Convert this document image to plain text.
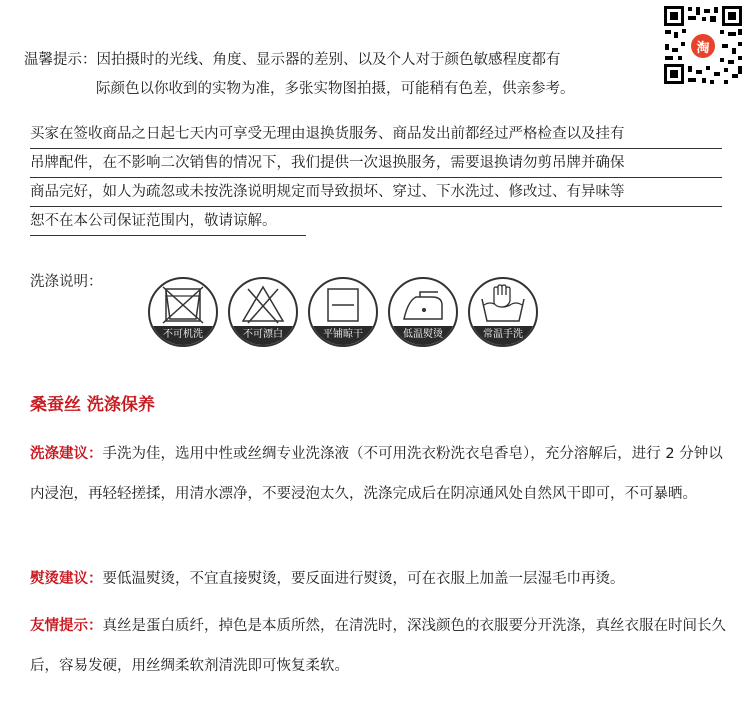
温馨提示：因拍摄时的光线、角度、显示器的差别、以及个人对于颜色敏感程度都有
际颜色以你收到的实物为准，多张实物图拍摄，可能稍有色差，供亲参考。
淘
买家在签收商品之日起七天内可享受无理由退换货服务、商品发出前都经过严格检查以及挂有
吊牌配件，在不影响二次销售的情况下，我们提供一次退换服务，需要退换请勿剪吊牌并确保
商品完好，如人为疏忽或未按洗涤说明规定而导致损坏、穿过、下水洗过、修改过、有异味等
恕不在本公司保证范围内，敬请谅解。
洗涤说明：
不可机洗	不可漂白	平铺晾干	低温熨烫	常温手洗
桑蚕丝 洗涤保养
洗涤建议：手洗为佳，选用中性或丝绸专业洗涤液（不可用洗衣粉洗衣皂香皂），充分溶解后，进行 2 分钟以内浸泡，再轻轻搓揉，用清水漂净，不要浸泡太久，洗涤完成后在阴凉通风处自然风干即可，不可暴晒。
熨烫建议：要低温熨烫，不宜直接熨烫，要反面进行熨烫，可在衣服上加盖一层湿毛巾再烫。
友情提示：真丝是蛋白质纤，掉色是本质所然，在清洗时，深浅颜色的衣服要分开洗涤，真丝衣服在时间长久后，容易发硬，用丝绸柔软剂清洗即可恢复柔软。
